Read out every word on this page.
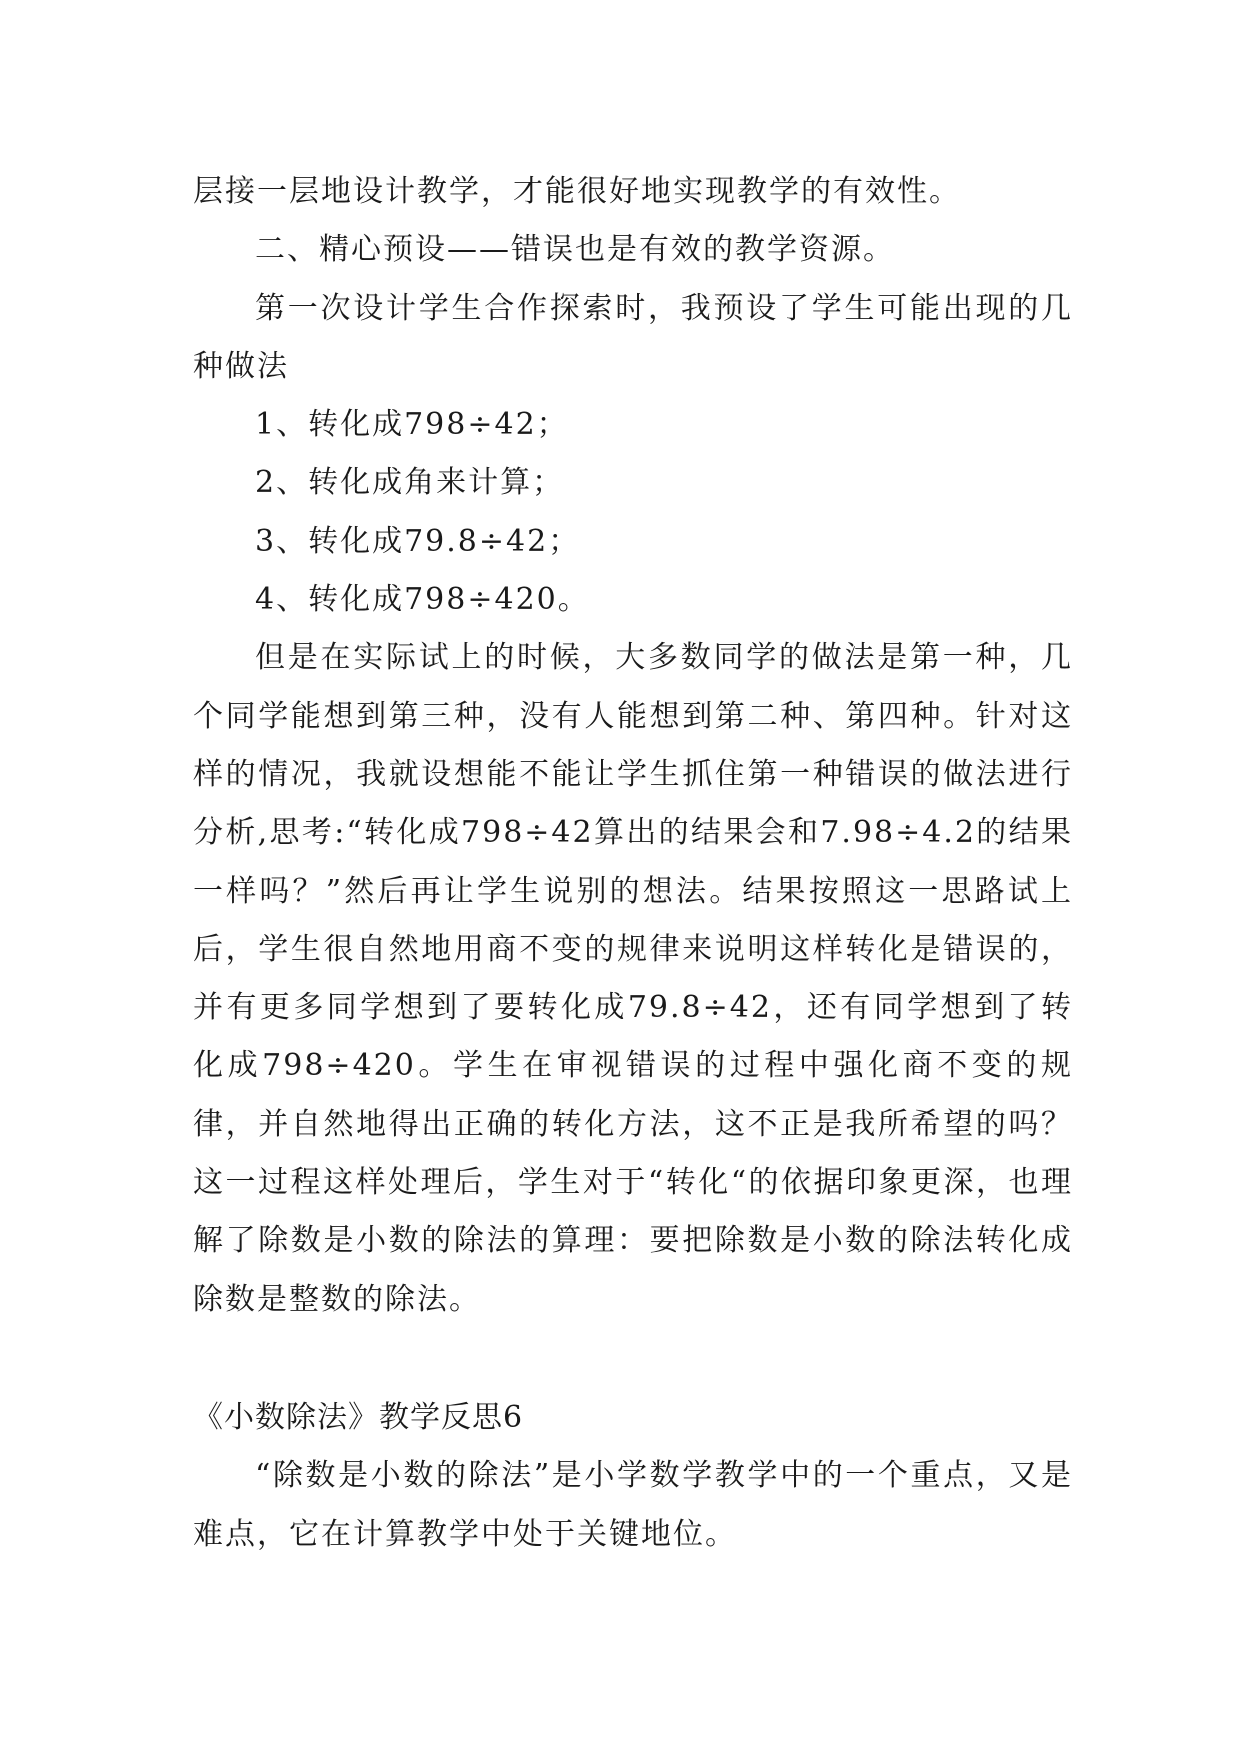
层接一层地设计教学，才能很好地实现教学的有效性。

二、精心预设——错误也是有效的教学资源。

第一次设计学生合作探索时，我预设了学生可能出现的几种做法

1、转化成798÷42；

2、转化成角来计算；

3、转化成79.8÷42；

4、转化成798÷420。

但是在实际试上的时候，大多数同学的做法是第一种，几个同学能想到第三种，没有人能想到第二种、第四种。针对这样的情况，我就设想能不能让学生抓住第一种错误的做法进行分析,思考:“转化成798÷42算出的结果会和7.98÷4.2的结果一样吗？”然后再让学生说别的想法。结果按照这一思路试上后，学生很自然地用商不变的规律来说明这样转化是错误的，并有更多同学想到了要转化成79.8÷42，还有同学想到了转化成798÷420。学生在审视错误的过程中强化商不变的规律，并自然地得出正确的转化方法，这不正是我所希望的吗？这一过程这样处理后，学生对于“转化“的依据印象更深，也理解了除数是小数的除法的算理：要把除数是小数的除法转化成除数是整数的除法。

《小数除法》教学反思6

“除数是小数的除法”是小学数学教学中的一个重点，又是难点，它在计算教学中处于关键地位。
